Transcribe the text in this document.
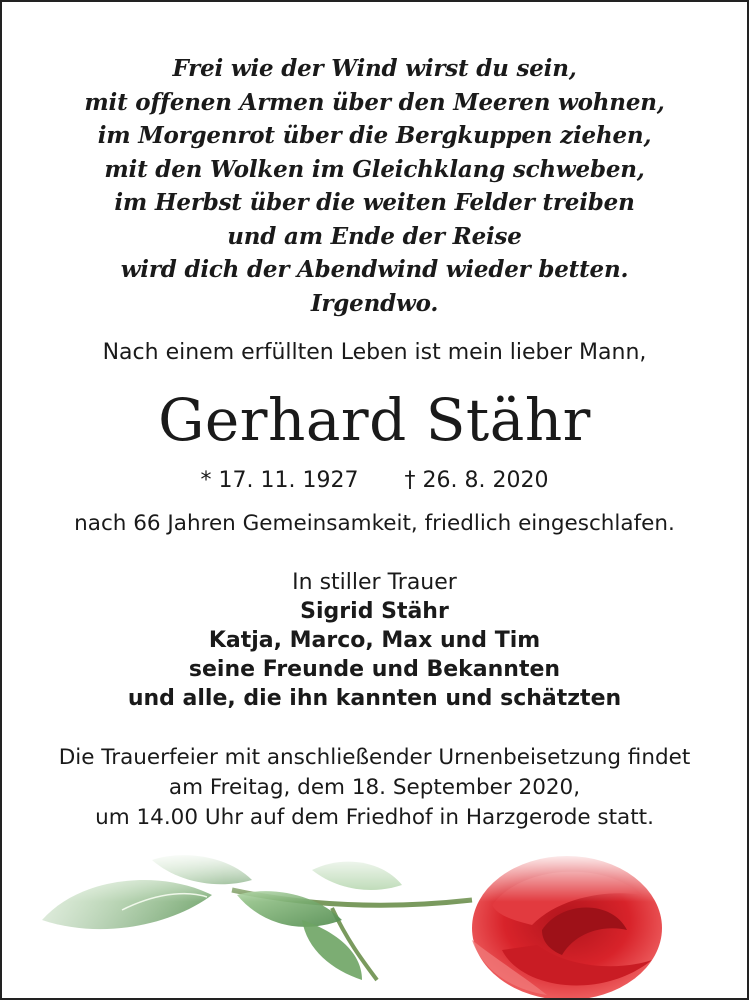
Frei wie der Wind wirst du sein,
mit offenen Armen über den Meeren wohnen,
im Morgenrot über die Bergkuppen ziehen,
mit den Wolken im Gleichklang schweben,
im Herbst über die weiten Felder treiben
und am Ende der Reise
wird dich der Abendwind wieder betten.
Irgendwo.
Nach einem erfüllten Leben ist mein lieber Mann,
Gerhard Stähr
* 17. 11. 1927 † 26. 8. 2020
nach 66 Jahren Gemeinsamkeit, friedlich eingeschlafen.
In stiller Trauer
Sigrid Stähr
Katja, Marco, Max und Tim
seine Freunde und Bekannten
und alle, die ihn kannten und schätzten
Die Trauerfeier mit anschließender Urnenbeisetzung findet
am Freitag, dem 18. September 2020,
um 14.00 Uhr auf dem Friedhof in Harzgerode statt.
